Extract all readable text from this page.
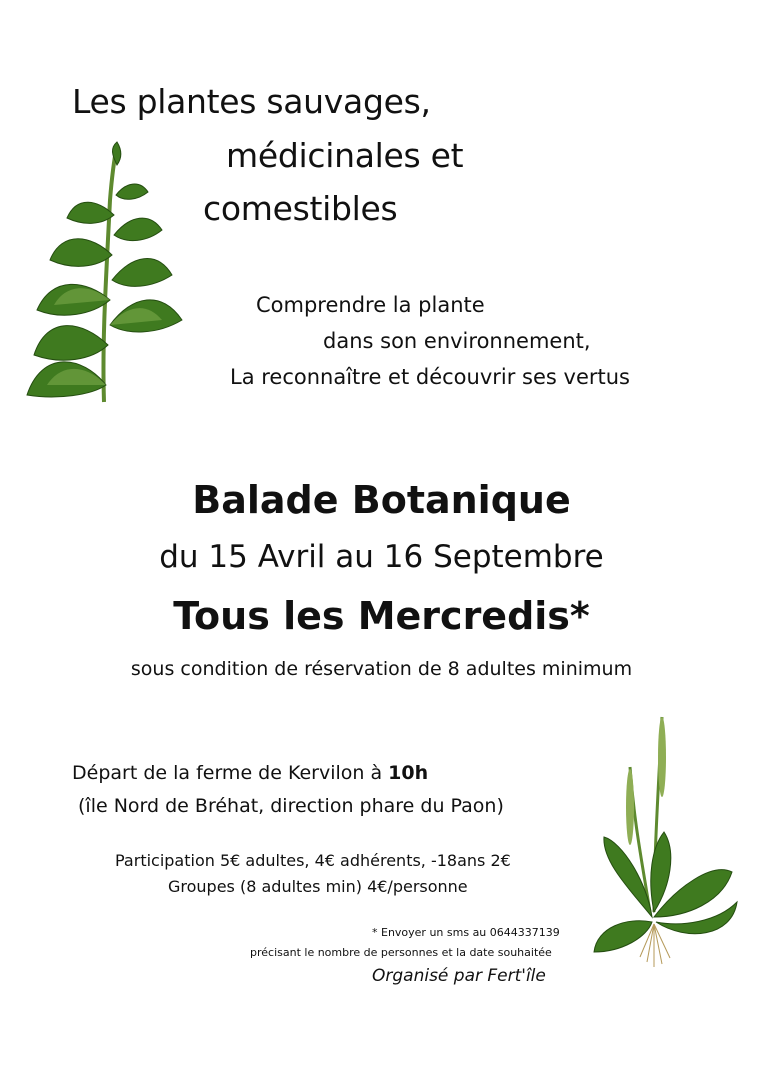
Les plantes sauvages,
médicinales et
comestibles
Comprendre la plante
dans son environnement,
La reconnaître et découvrir ses vertus
Balade Botanique
du 15 Avril au 16 Septembre
Tous les Mercredis*
sous condition de réservation de 8 adultes minimum
Départ de la ferme de Kervilon à 10h
(île Nord de Bréhat, direction phare du Paon)
Participation 5€ adultes, 4€ adhérents, -18ans 2€
Groupes (8 adultes min) 4€/personne
* Envoyer un sms au 0644337139
précisant le nombre de personnes et la date souhaitée
Organisé par Fert'île
